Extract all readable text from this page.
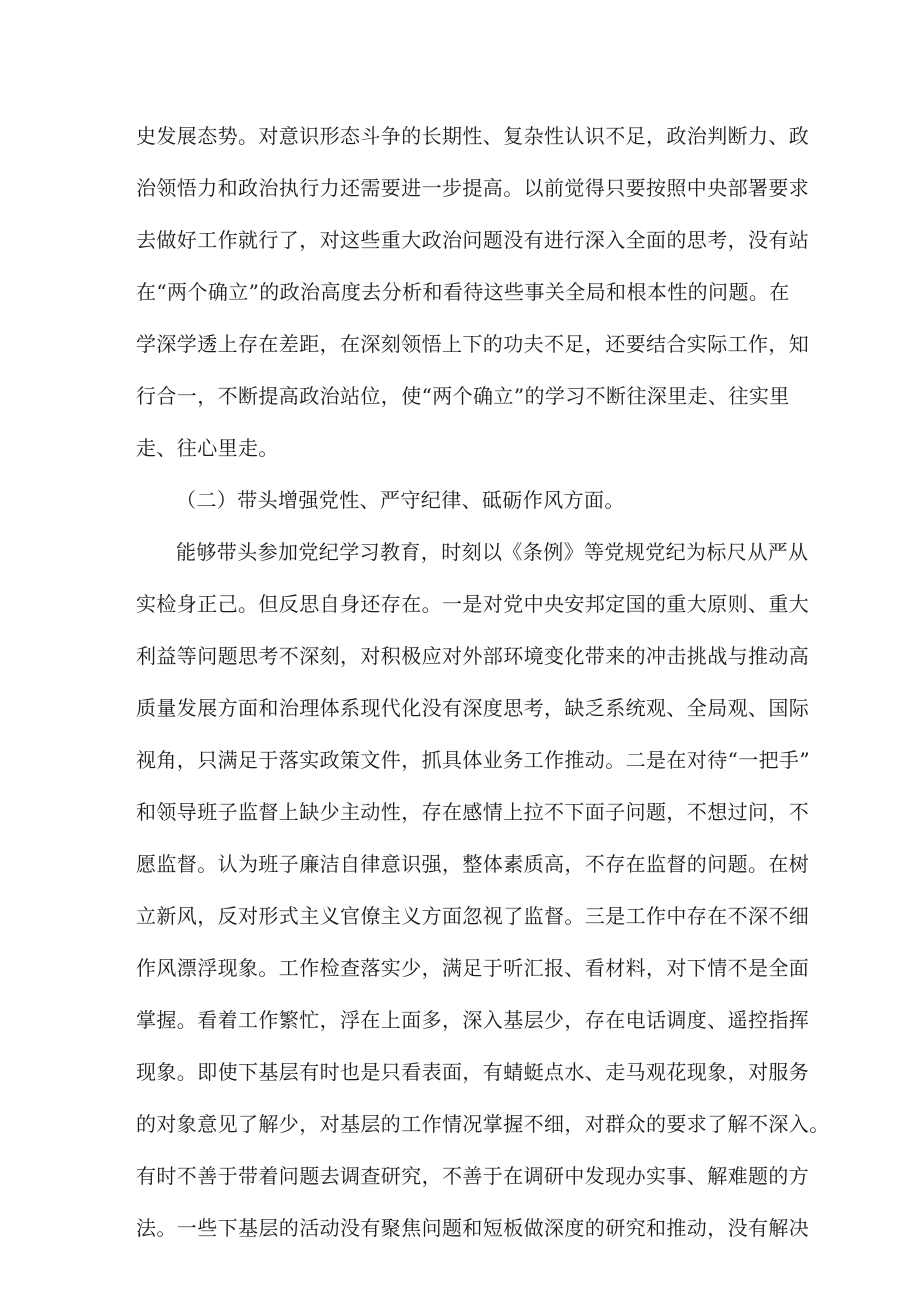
史发展态势。对意识形态斗争的长期性、复杂性认识不足，政治判断力、政
治领悟力和政治执行力还需要进一步提高。以前觉得只要按照中央部署要求
去做好工作就行了，对这些重大政治问题没有进行深入全面的思考，没有站
在“两个确立”的政治高度去分析和看待这些事关全局和根本性的问题。在
学深学透上存在差距，在深刻领悟上下的功夫不足，还要结合实际工作，知
行合一，不断提高政治站位，使“两个确立”的学习不断往深里走、往实里
走、往心里走。
（二）带头增强党性、严守纪律、砥砺作风方面。
能够带头参加党纪学习教育，时刻以《条例》等党规党纪为标尺从严从
实检身正己。但反思自身还存在。一是对党中央安邦定国的重大原则、重大
利益等问题思考不深刻，对积极应对外部环境变化带来的冲击挑战与推动高
质量发展方面和治理体系现代化没有深度思考，缺乏系统观、全局观、国际
视角，只满足于落实政策文件，抓具体业务工作推动。二是在对待“一把手”
和领导班子监督上缺少主动性，存在感情上拉不下面子问题，不想过问，不
愿监督。认为班子廉洁自律意识强，整体素质高，不存在监督的问题。在树
立新风，反对形式主义官僚主义方面忽视了监督。三是工作中存在不深不细
作风漂浮现象。工作检查落实少，满足于听汇报、看材料，对下情不是全面
掌握。看着工作繁忙，浮在上面多，深入基层少，存在电话调度、遥控指挥
现象。即使下基层有时也是只看表面，有蜻蜓点水、走马观花现象，对服务
的对象意见了解少，对基层的工作情况掌握不细，对群众的要求了解不深入。
有时不善于带着问题去调查研究，不善于在调研中发现办实事、解难题的方
法。一些下基层的活动没有聚焦问题和短板做深度的研究和推动，没有解决
